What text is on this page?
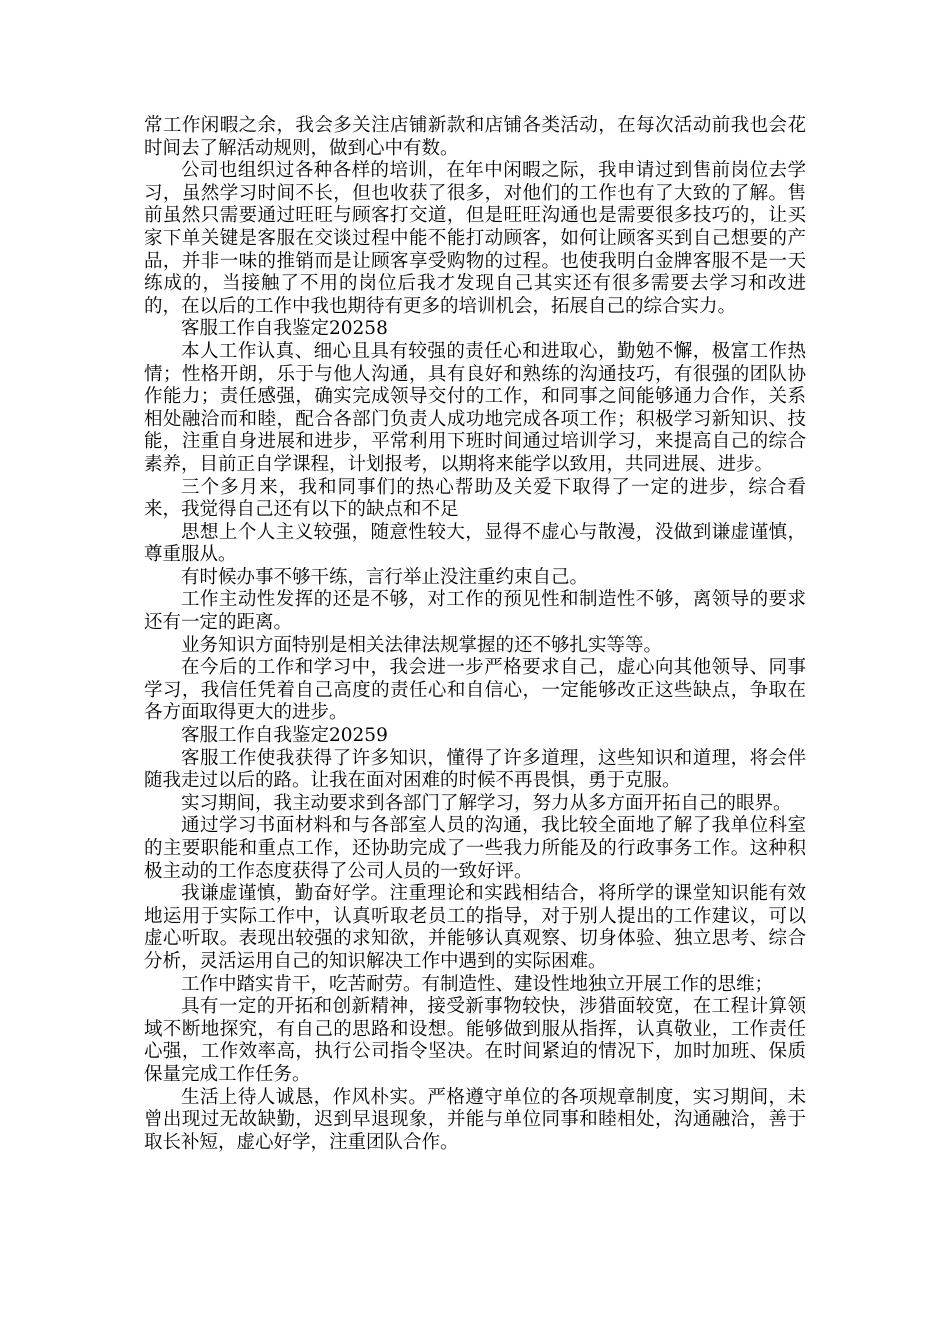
常工作闲暇之余，我会多关注店铺新款和店铺各类活动，在每次活动前我也会花时间去了解活动规则，做到心中有数。

公司也组织过各种各样的培训，在年中闲暇之际，我申请过到售前岗位去学习，虽然学习时间不长，但也收获了很多，对他们的工作也有了大致的了解。售前虽然只需要通过旺旺与顾客打交道，但是旺旺沟通也是需要很多技巧的，让买家下单关键是客服在交谈过程中能不能打动顾客，如何让顾客买到自己想要的产品，并非一味的推销而是让顾客享受购物的过程。也使我明白金牌客服不是一天练成的，当接触了不用的岗位后我才发现自己其实还有很多需要去学习和改进的，在以后的工作中我也期待有更多的培训机会，拓展自己的综合实力。

客服工作自我鉴定20258

本人工作认真、细心且具有较强的责任心和进取心，勤勉不懈，极富工作热情；性格开朗，乐于与他人沟通，具有良好和熟练的沟通技巧，有很强的团队协作能力；责任感强，确实完成领导交付的工作，和同事之间能够通力合作，关系相处融洽而和睦，配合各部门负责人成功地完成各项工作；积极学习新知识、技能，注重自身进展和进步，平常利用下班时间通过培训学习，来提高自己的综合素养，目前正自学课程，计划报考，以期将来能学以致用，共同进展、进步。

三个多月来，我和同事们的热心帮助及关爱下取得了一定的进步，综合看来，我觉得自己还有以下的缺点和不足

思想上个人主义较强，随意性较大，显得不虚心与散漫，没做到谦虚谨慎，尊重服从。

有时候办事不够干练，言行举止没注重约束自己。

工作主动性发挥的还是不够，对工作的预见性和制造性不够，离领导的要求还有一定的距离。

业务知识方面特别是相关法律法规掌握的还不够扎实等等。

在今后的工作和学习中，我会进一步严格要求自己，虚心向其他领导、同事学习，我信任凭着自己高度的责任心和自信心，一定能够改正这些缺点，争取在各方面取得更大的进步。

客服工作自我鉴定20259

客服工作使我获得了许多知识，懂得了许多道理，这些知识和道理，将会伴随我走过以后的路。让我在面对困难的时候不再畏惧，勇于克服。

实习期间，我主动要求到各部门了解学习，努力从多方面开拓自己的眼界。

通过学习书面材料和与各部室人员的沟通，我比较全面地了解了我单位科室的主要职能和重点工作，还协助完成了一些我力所能及的行政事务工作。这种积极主动的工作态度获得了公司人员的一致好评。

我谦虚谨慎，勤奋好学。注重理论和实践相结合，将所学的课堂知识能有效地运用于实际工作中，认真听取老员工的指导，对于别人提出的工作建议，可以虚心听取。表现出较强的求知欲，并能够认真观察、切身体验、独立思考、综合分析，灵活运用自己的知识解决工作中遇到的实际困难。

工作中踏实肯干，吃苦耐劳。有制造性、建设性地独立开展工作的思维；

具有一定的开拓和创新精神，接受新事物较快，涉猎面较宽，在工程计算领域不断地探究，有自己的思路和设想。能够做到服从指挥，认真敬业，工作责任心强，工作效率高，执行公司指令坚决。在时间紧迫的情况下，加时加班、保质保量完成工作任务。

生活上待人诚恳，作风朴实。严格遵守单位的各项规章制度，实习期间，未曾出现过无故缺勤，迟到早退现象，并能与单位同事和睦相处，沟通融洽，善于取长补短，虚心好学，注重团队合作。
